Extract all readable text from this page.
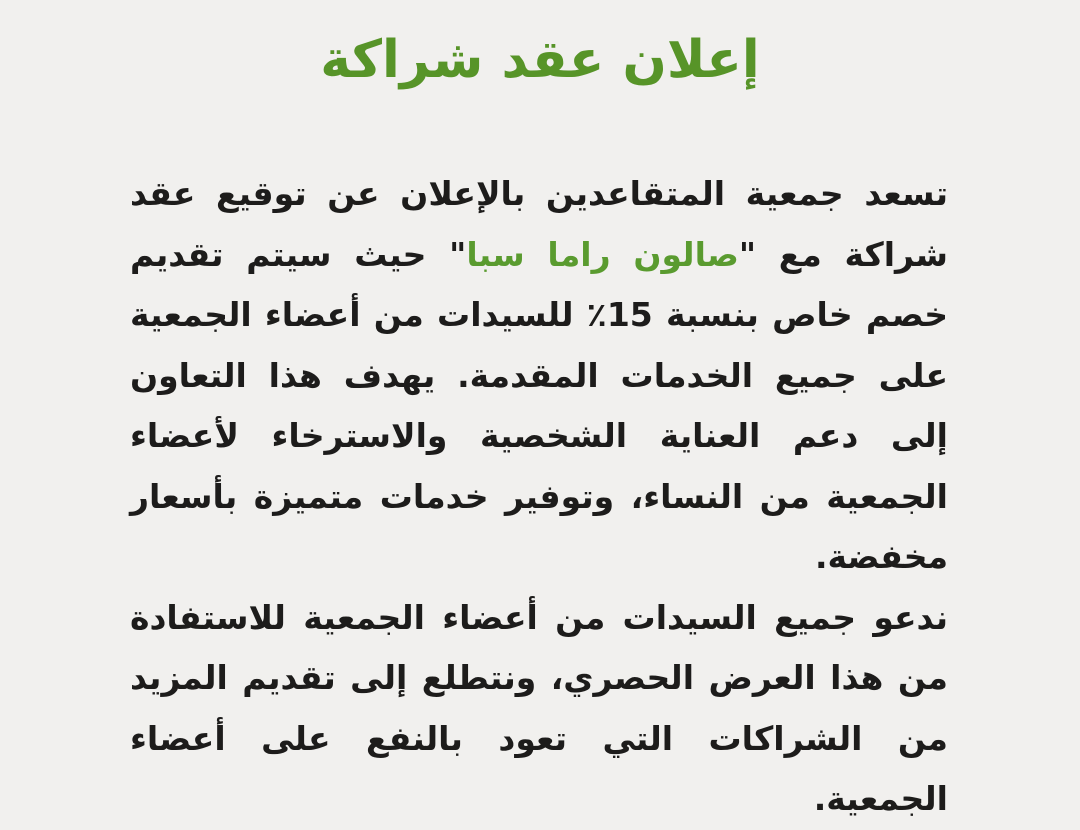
إعلان عقد شراكة

تسعد جمعية المتقاعدين بالإعلان عن توقيع عقد شراكة مع "صالون راما سبا" حيث سيتم تقديم خصم خاص بنسبة 15٪ للسيدات من أعضاء الجمعية على جميع الخدمات المقدمة. يهدف هذا التعاون إلى دعم العناية الشخصية والاسترخاء لأعضاء الجمعية من النساء، وتوفير خدمات متميزة بأسعار مخفضة.

ندعو جميع السيدات من أعضاء الجمعية للاستفادة من هذا العرض الحصري، ونتطلع إلى تقديم المزيد من الشراكات التي تعود بالنفع على أعضاء الجمعية.
